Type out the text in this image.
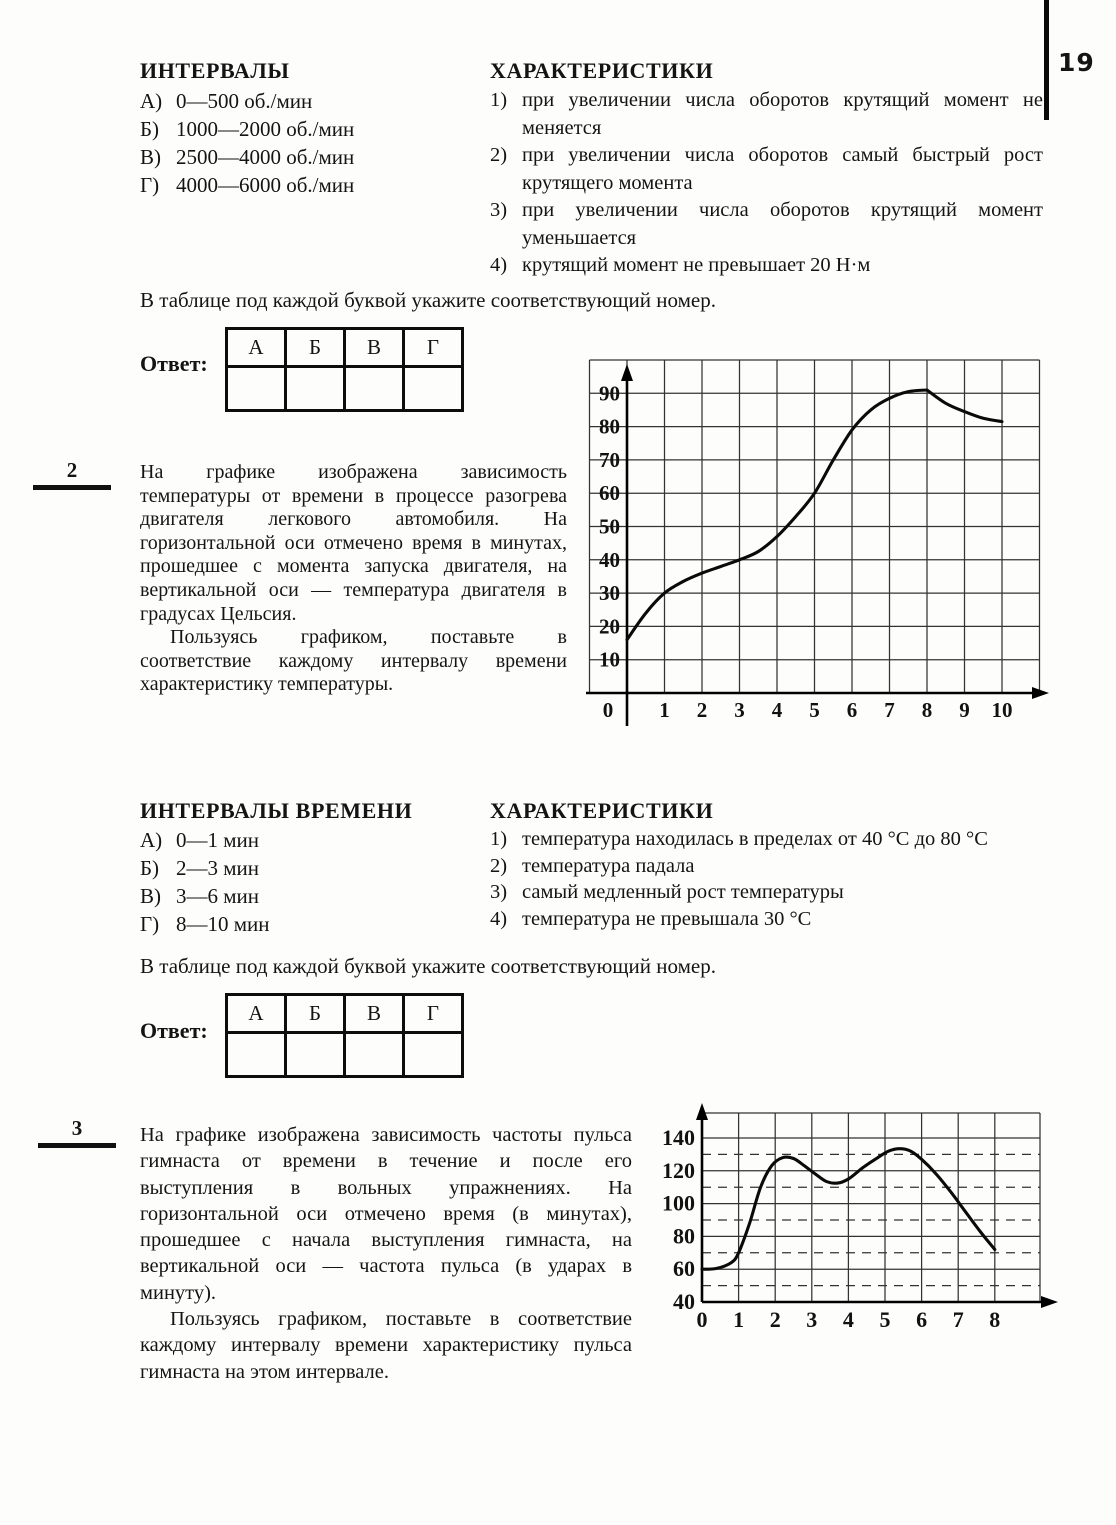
19
ИНТЕРВАЛЫ	ХАРАКТЕРИСТИКИ
А) 0—500 об./мин
Б) 1000—2000 об./мин
В) 2500—4000 об./мин
Г) 4000—6000 об./мин
1) при увеличении числа оборотов крутящий момент не меняется
2) при увеличении числа оборотов самый быстрый рост крутящего момента
3) при увеличении числа оборотов крутящий момент уменьшается
4) крутящий момент не превышает 20 Н·м
В таблице под каждой буквой укажите соответствующий номер.
Ответ:
А	Б	В	Г

2	На графике изображена зависимость температуры от времени в процессе разогрева двигателя легкового автомобиля. На горизонтальной оси отмечено время в минутах, прошедшее с момента запуска двигателя, на вертикальной оси — температура двигателя в градусах Цельсия.

Пользуясь графиком, поставьте в соответствие каждому интервалу времени характеристику температуры.

10
20
30
40
50
60
70
80
90
0 1 2 3 4 5 6 7 8 9 10
ИНТЕРВАЛЫ ВРЕМЕНИ	ХАРАКТЕРИСТИКИ
А) 0—1 мин
Б) 2—3 мин
В) 3—6 мин
Г) 8—10 мин
1) температура находилась в пределах от 40 °C до 80 °C
2) температура падала
3) самый медленный рост температуры
4) температура не превышала 30 °C
В таблице под каждой буквой укажите соответствующий номер.
Ответ:
А	Б	В	Г

3	На графике изображена зависимость частоты пульса гимнаста от времени в течение и после его выступления в вольных упражнениях. На горизонтальной оси отмечено время (в минутах), прошедшее с начала выступления гимнаста, на вертикальной оси — частота пульса (в ударах в минуту).

Пользуясь графиком, поставьте в соответствие каждому интервалу времени характеристику пульса гимнаста на этом интервале.

40
60
80
100
120
140
0 1 2 3 4 5 6 7 8
